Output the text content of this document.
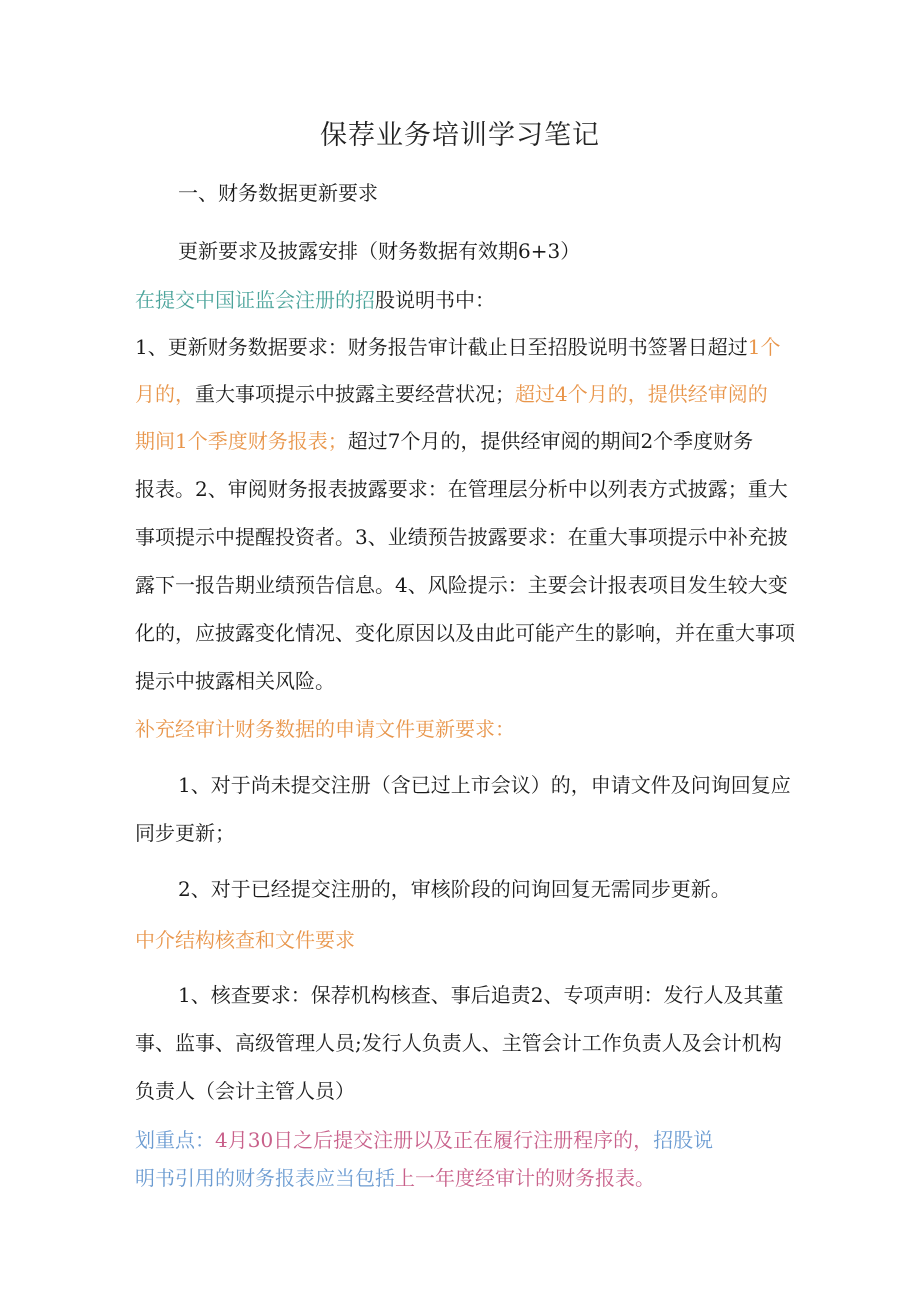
保荐业务培训学习笔记
一、财务数据更新要求
更新要求及披露安排（财务数据有效期6+3）
在提交中国证监会注册的招股说明书中：
1、更新财务数据要求：财务报告审计截止日至招股说明书签署日超过1个
月的，重大事项提示中披露主要经营状况；超过4个月的，提供经审阅的
期间1个季度财务报表；超过7个月的，提供经审阅的期间2个季度财务
报表。2、审阅财务报表披露要求：在管理层分析中以列表方式披露；重大
事项提示中提醒投资者。3、业绩预告披露要求：在重大事项提示中补充披
露下一报告期业绩预告信息。4、风险提示：主要会计报表项目发生较大变
化的，应披露变化情况、变化原因以及由此可能产生的影响，并在重大事项
提示中披露相关风险。
补充经审计财务数据的申请文件更新要求：
1、对于尚未提交注册（含已过上市会议）的，申请文件及问询回复应
同步更新；
2、对于已经提交注册的，审核阶段的问询回复无需同步更新。
中介结构核查和文件要求
1、核查要求：保荐机构核查、事后追责2、专项声明：发行人及其董
事、监事、高级管理人员;发行人负责人、主管会计工作负责人及会计机构
负责人（会计主管人员）
划重点：4月30日之后提交注册以及正在履行注册程序的，招股说
明书引用的财务报表应当包括上一年度经审计的财务报表。
